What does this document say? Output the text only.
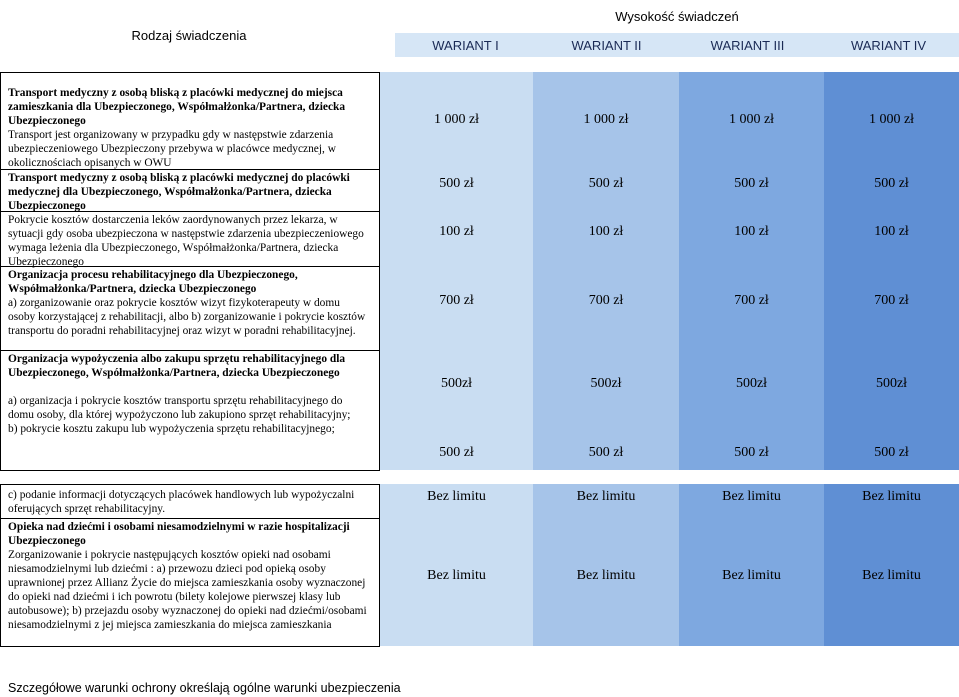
Rodzaj świadczenia
Wysokość świadczeń
WARIANT I	WARIANT II	WARIANT III	WARIANT IV
Transport medyczny z osobą bliską z placówki medycznej do miejsca zamieszkania dla Ubezpieczonego, Współmałżonka/Partnera, dziecka Ubezpieczonego
Transport jest organizowany w przypadku gdy w następstwie zdarzenia ubezpieczeniowego Ubezpieczony przebywa w placówce medycznej, w okolicznościach opisanych w OWU
1 000 zł	1 000 zł	1 000 zł	1 000 zł
Transport medyczny z osobą bliską z placówki medycznej do placówki medycznej dla Ubezpieczonego, Współmałżonka/Partnera, dziecka Ubezpieczonego
500 zł	500 zł	500 zł	500 zł
Pokrycie kosztów dostarczenia leków zaordynowanych przez lekarza, w sytuacji gdy osoba ubezpieczona w następstwie zdarzenia ubezpieczeniowego wymaga leżenia dla Ubezpieczonego, Współmałżonka/Partnera, dziecka Ubezpieczonego
100 zł	100 zł	100 zł	100 zł
Organizacja procesu rehabilitacyjnego dla Ubezpieczonego, Współmałżonka/Partnera, dziecka Ubezpieczonego
a) zorganizowanie oraz pokrycie kosztów wizyt fizykoterapeuty w domu osoby korzystającej z rehabilitacji, albo b) zorganizowanie i pokrycie kosztów transportu do poradni rehabilitacyjnej oraz wizyt w poradni rehabilitacyjnej.
700 zł	700 zł	700 zł	700 zł
Organizacja wypożyczenia albo zakupu sprzętu rehabilitacyjnego dla Ubezpieczonego, Współmałżonka/Partnera, dziecka Ubezpieczonego

a) organizacja i pokrycie kosztów transportu sprzętu rehabilitacyjnego do domu osoby, dla której wypożyczono lub zakupiono sprzęt rehabilitacyjny;
b) pokrycie kosztu zakupu lub wypożyczenia sprzętu rehabilitacyjnego;
500zł	500zł	500zł	500zł
500 zł	500 zł	500 zł	500 zł
c) podanie informacji dotyczących placówek handlowych lub wypożyczalni oferujących sprzęt rehabilitacyjny.
Bez limitu	Bez limitu	Bez limitu	Bez limitu
Opieka nad dziećmi i osobami niesamodzielnymi w razie hospitalizacji Ubezpieczonego
Zorganizowanie i pokrycie następujących kosztów opieki nad osobami niesamodzielnymi lub dziećmi : a) przewozu dzieci pod opieką osoby uprawnionej przez Allianz Życie do miejsca zamieszkania osoby wyznaczonej do opieki nad dziećmi i ich powrotu (bilety kolejowe pierwszej klasy lub autobusowe); b) przejazdu osoby wyznaczonej do opieki nad dziećmi/osobami niesamodzielnymi z jej miejsca zamieszkania do miejsca zamieszkania
Bez limitu	Bez limitu	Bez limitu	Bez limitu
Szczegółowe warunki ochrony określają ogólne warunki ubezpieczenia
